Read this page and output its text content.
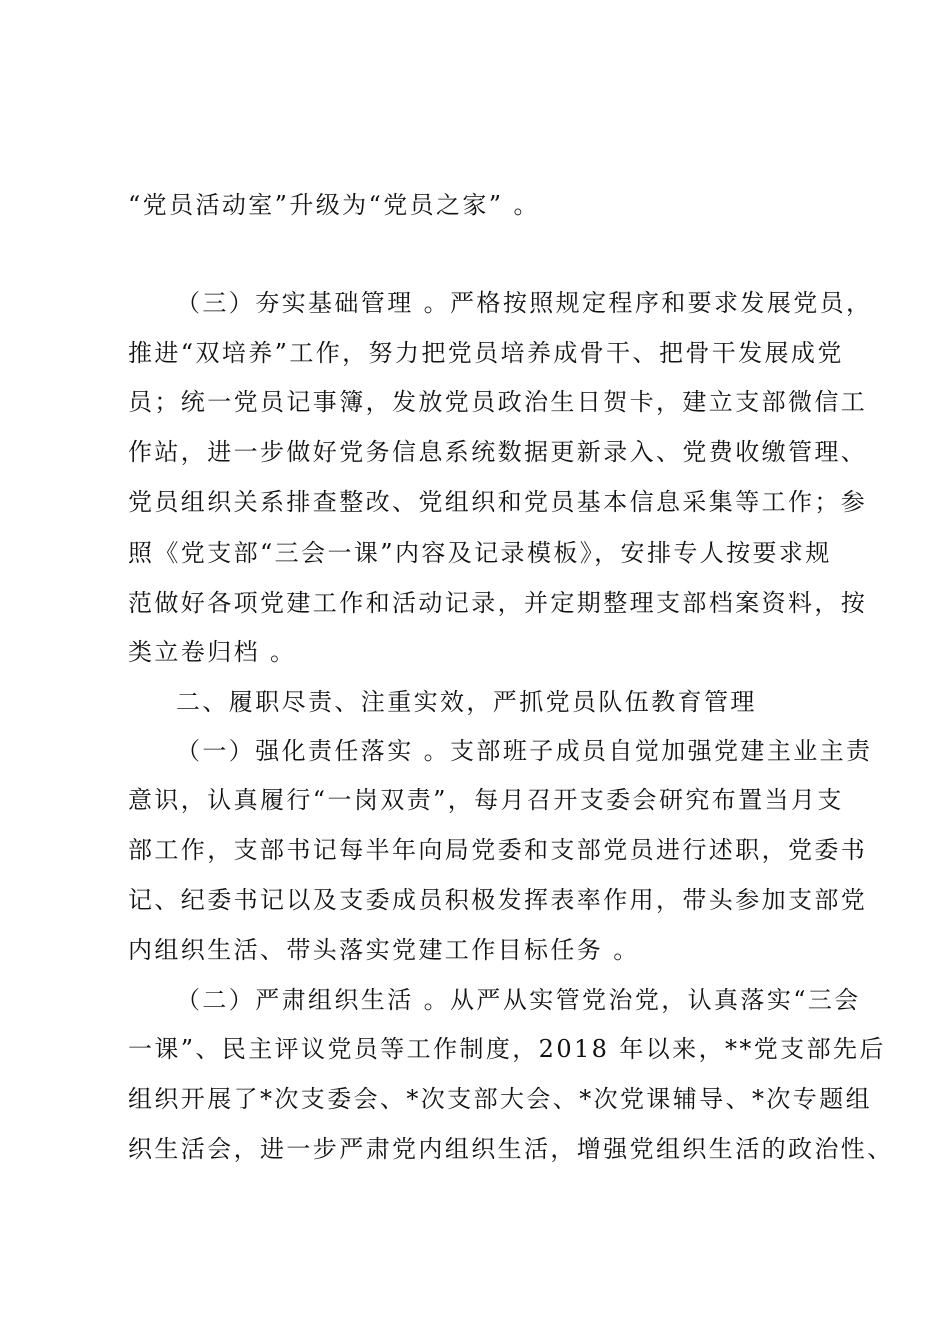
“党员活动室”升级为“党员之家” 。
（三）夯实基础管理 。严格按照规定程序和要求发展党员，
推进“双培养”工作，努力把党员培养成骨干、把骨干发展成党
员；统一党员记事簿，发放党员政治生日贺卡，建立支部微信工
作站，进一步做好党务信息系统数据更新录入、党费收缴管理、
党员组织关系排查整改、党组织和党员基本信息采集等工作；参
照《党支部“三会一课”内容及记录模板》，安排专人按要求规
范做好各项党建工作和活动记录，并定期整理支部档案资料，按
类立卷归档 。
二、履职尽责、注重实效，严抓党员队伍教育管理
（一）强化责任落实 。支部班子成员自觉加强党建主业主责
意识，认真履行“一岗双责”，每月召开支委会研究布置当月支
部工作，支部书记每半年向局党委和支部党员进行述职，党委书
记、纪委书记以及支委成员积极发挥表率作用，带头参加支部党
内组织生活、带头落实党建工作目标任务 。
（二）严肃组织生活 。从严从实管党治党，认真落实“三会
一课”、民主评议党员等工作制度，2018 年以来，**党支部先后
组织开展了*次支委会、*次支部大会、*次党课辅导、*次专题组
织生活会，进一步严肃党内组织生活，增强党组织生活的政治性、
